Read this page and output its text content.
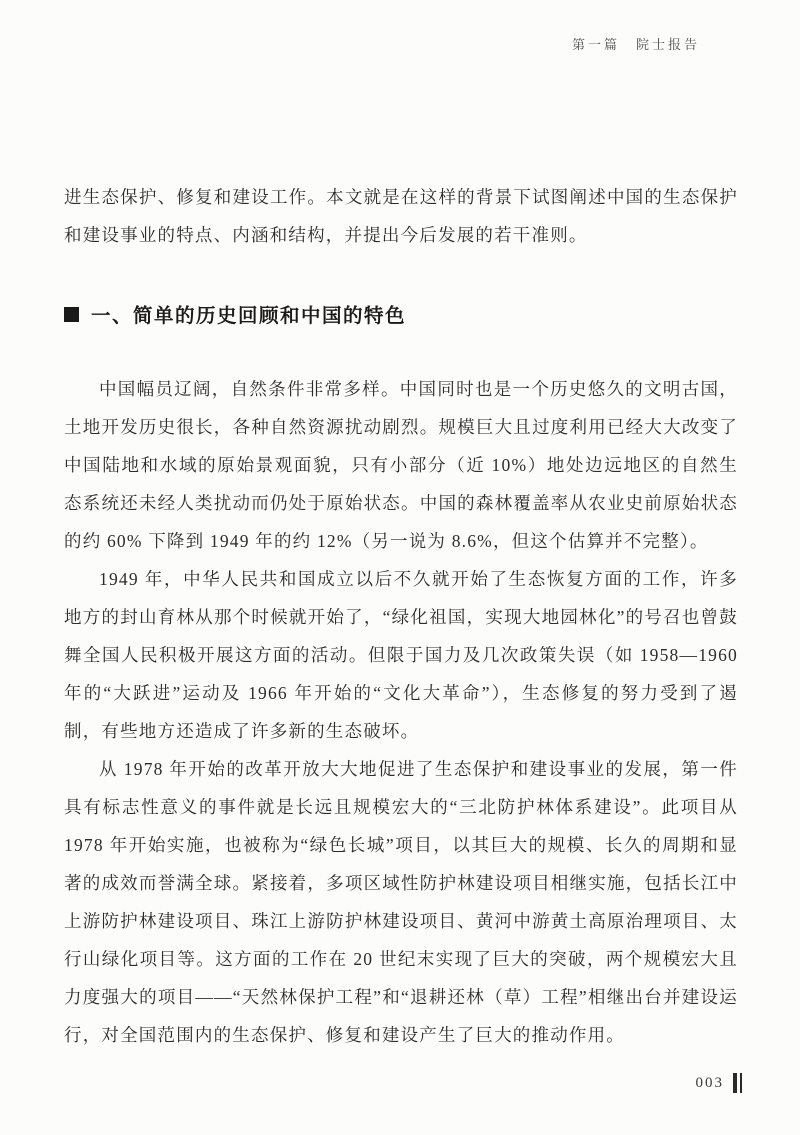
第一篇　院士报告

进生态保护、修复和建设工作。本文就是在这样的背景下试图阐述中国的生态保护和建设事业的特点、内涵和结构，并提出今后发展的若干准则。

一、简单的历史回顾和中国的特色

中国幅员辽阔，自然条件非常多样。中国同时也是一个历史悠久的文明古国，土地开发历史很长，各种自然资源扰动剧烈。规模巨大且过度利用已经大大改变了中国陆地和水域的原始景观面貌，只有小部分（近 10%）地处边远地区的自然生态系统还未经人类扰动而仍处于原始状态。中国的森林覆盖率从农业史前原始状态的约 60% 下降到 1949 年的约 12%（另一说为 8.6%，但这个估算并不完整）。

1949 年，中华人民共和国成立以后不久就开始了生态恢复方面的工作，许多地方的封山育林从那个时候就开始了，“绿化祖国，实现大地园林化”的号召也曾鼓舞全国人民积极开展这方面的活动。但限于国力及几次政策失误（如 1958—1960 年的“大跃进”运动及 1966 年开始的“文化大革命”），生态修复的努力受到了遏制，有些地方还造成了许多新的生态破坏。

从 1978 年开始的改革开放大大地促进了生态保护和建设事业的发展，第一件具有标志性意义的事件就是长远且规模宏大的“三北防护林体系建设”。此项目从 1978 年开始实施，也被称为“绿色长城”项目，以其巨大的规模、长久的周期和显著的成效而誉满全球。紧接着，多项区域性防护林建设项目相继实施，包括长江中上游防护林建设项目、珠江上游防护林建设项目、黄河中游黄土高原治理项目、太行山绿化项目等。这方面的工作在 20 世纪末实现了巨大的突破，两个规模宏大且力度强大的项目——“天然林保护工程”和“退耕还林（草）工程”相继出台并建设运行，对全国范围内的生态保护、修复和建设产生了巨大的推动作用。

003
